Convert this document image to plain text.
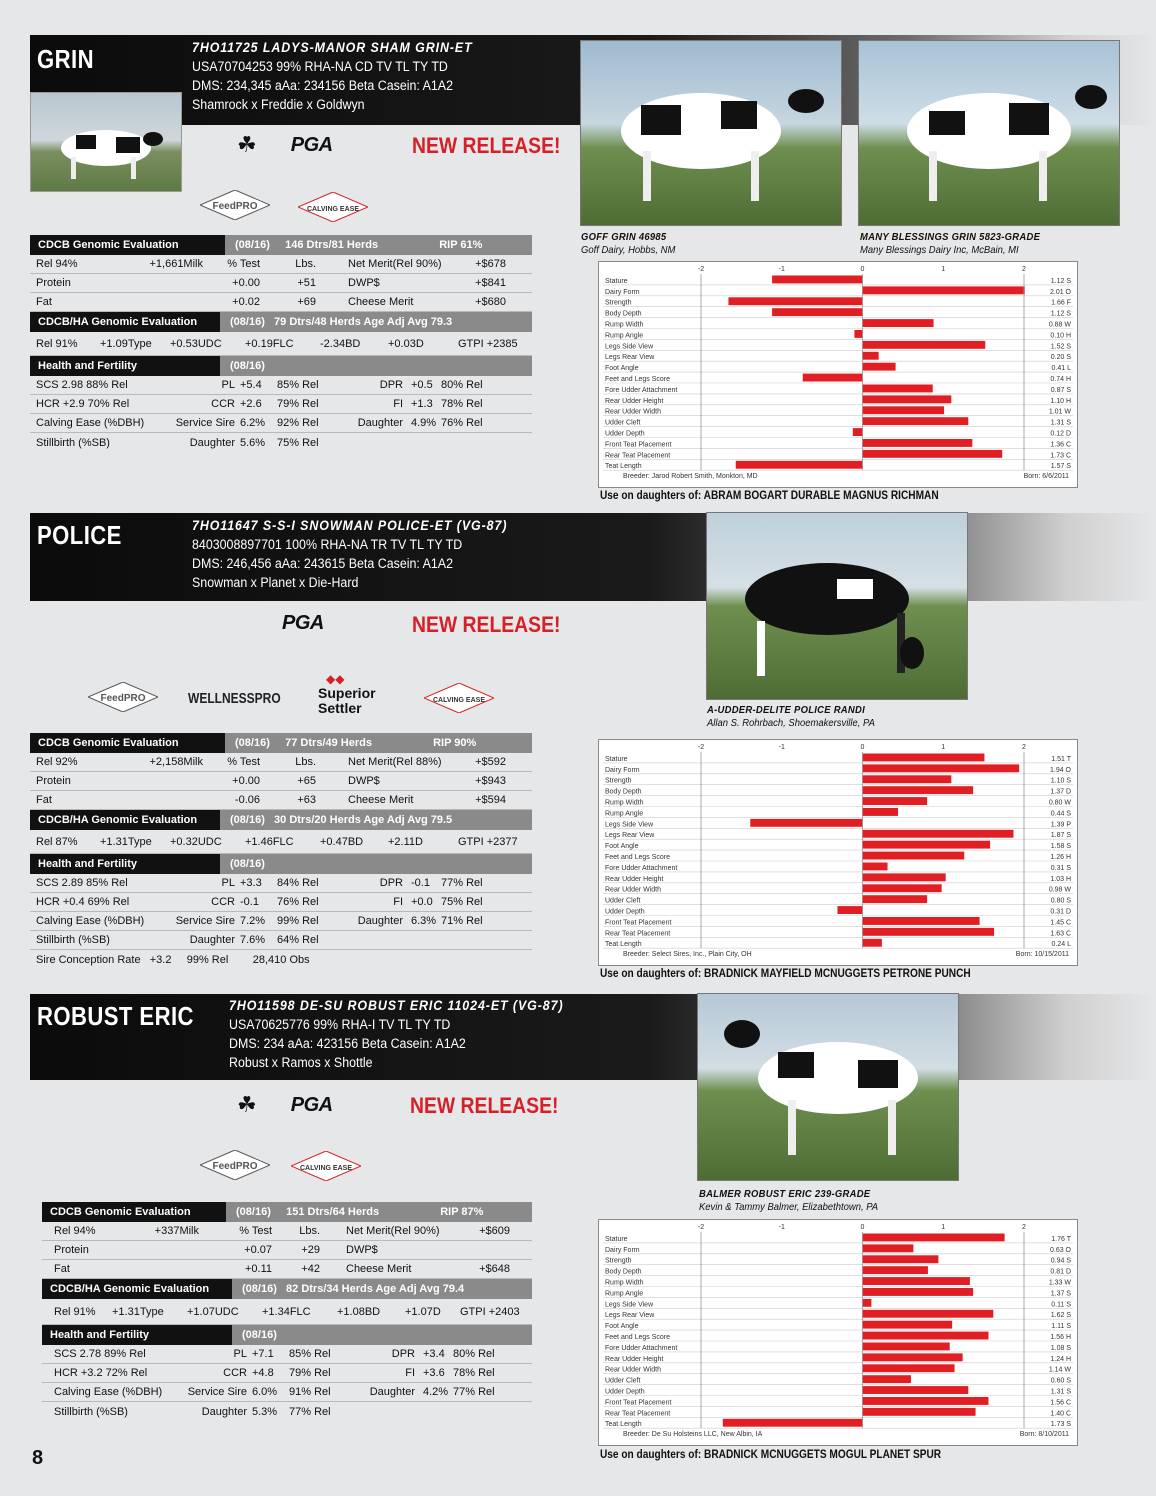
GRIN	7HO11725 LADYS-MANOR SHAM GRIN-ET
USA70704253 99% RHA-NA CD TV TL TY TD
DMS: 234,345 aAa: 234156 Beta Casein: A1A2
Shamrock x Freddie x Goldwyn
☘ PGA	NEW RELEASE!
FeedPRO	CALVING EASE
GOFF GRIN 46985
Goff Dairy, Hobbs, NM
MANY BLESSINGS GRIN 5823-GRADE
Many Blessings Dairy Inc, McBain, MI
CDCB Genomic Evaluation	(08/16)     146 Dtrs/81 Herds                    RIP 61%
Rel 94%	+1,661Milk	% Test	Lbs.	Net Merit(Rel 90%)	+$678
Protein	+0.00	+51	DWP$	+$841
Fat	+0.02	+69	Cheese Merit	+$680
CDCB/HA Genomic Evaluation	(08/16)   79 Dtrs/48 Herds Age Adj Avg 79.3
Rel 91%	+1.09Type	+0.53UDC	+0.19FLC	-2.34BD	+0.03D	GTPI +2385
Health and Fertility	(08/16)
SCS 2.98 88% Rel	PL +5.4	85% Rel	DPR +0.5 80% Rel
HCR +2.9 70% Rel	CCR +2.6	79% Rel	FI +1.3 78% Rel
Calving Ease (%DBH)	Service Sire 6.2%	92% Rel	Daughter 4.9% 76% Rel
Stillbirth (%SB)	Daughter 5.6%	75% Rel
Stature	1.12 S
Dairy Form	2.01 O
Strength	1.66 F
Body Depth	1.12 S
Rump Width	0.88 W
Rump Angle	0.10 H
Legs Side View	1.52 S
Legs Rear View	0.20 S
Foot Angle	0.41 L
Feet and Legs Score	0.74 H
Fore Udder Attachment	0.87 S
Rear Udder Height	1.10 H
Rear Udder Width	1.01 W
Udder Cleft	1.31 S
Udder Depth	0.12 D
Front Teat Placement	1.36 C
Rear Teat Placement	1.73 C
Teat Length	1.57 S
-2	-1	0	1	2
Breeder: Jarod Robert Smith, Monkton, MD	Born: 6/6/2011
Use on daughters of: ABRAM BOGART DURABLE MAGNUS RICHMAN
POLICE	7HO11647 S-S-I SNOWMAN POLICE-ET (VG-87)
8403008897701 100% RHA-NA TR TV TL TY TD
DMS: 246,456 aAa: 243615 Beta Casein: A1A2
Snowman x Planet x Die-Hard
PGA	NEW RELEASE!
FeedPRO	WELLNESSPRO
◆◆
Superior Settler	CALVING EASE
A-UDDER-DELITE POLICE RANDI
Allan S. Rohrbach, Shoemakersville, PA
CDCB Genomic Evaluation	(08/16)     77 Dtrs/49 Herds                    RIP 90%
Rel 92%	+2,158Milk	% Test	Lbs.	Net Merit(Rel 88%)	+$592
Protein	+0.00	+65	DWP$	+$943
Fat	-0.06	+63	Cheese Merit	+$594
CDCB/HA Genomic Evaluation	(08/16)   30 Dtrs/20 Herds Age Adj Avg 79.5
Rel 87%	+1.31Type	+0.32UDC	+1.46FLC	+0.47BD	+2.11D	GTPI +2377
Health and Fertility	(08/16)
SCS 2.89 85% Rel	PL +3.3	84% Rel	DPR -0.1	77% Rel
HCR +0.4 69% Rel	CCR -0.1	76% Rel	FI +0.0 75% Rel
Calving Ease (%DBH)	Service Sire 7.2%	99% Rel	Daughter 6.3% 71% Rel
Stillbirth (%SB)	Daughter 7.6%	64% Rel
Sire Conception Rate   +3.2     99% Rel        28,410 Obs
Stature	1.51 T
Dairy Form	1.94 O
Strength	1.10 S
Body Depth	1.37 D
Rump Width	0.80 W
Rump Angle	0.44 S
Legs Side View	1.39 P
Legs Rear View	1.87 S
Foot Angle	1.58 S
Feet and Legs Score	1.26 H
Fore Udder Attachment	0.31 S
Rear Udder Height	1.03 H
Rear Udder Width	0.98 W
Udder Cleft	0.80 S
Udder Depth	0.31 D
Front Teat Placement	1.45 C
Rear Teat Placement	1.63 C
Teat Length	0.24 L
-2	-1	0	1	2
Breeder: Select Sires, Inc., Plain City, OH	Born: 10/15/2011
Use on daughters of: BRADNICK MAYFIELD MCNUGGETS PETRONE PUNCH
ROBUST ERIC	7HO11598 DE-SU ROBUST ERIC 11024-ET (VG-87)
USA70625776 99% RHA-I TV TL TY TD
DMS: 234 aAa: 423156 Beta Casein: A1A2
Robust x Ramos x Shottle
☘ PGA	NEW RELEASE!
FeedPRO	CALVING EASE
BALMER ROBUST ERIC 239-GRADE
Kevin & Tammy Balmer, Elizabethtown, PA
CDCB Genomic Evaluation	(08/16)     151 Dtrs/64 Herds                    RIP 87%
Rel 94%	+337Milk	% Test	Lbs.	Net Merit(Rel 90%)	+$609
Protein	+0.07	+29	DWP$
Fat	+0.11	+42	Cheese Merit	+$648
CDCB/HA Genomic Evaluation	(08/16)   82 Dtrs/34 Herds Age Adj Avg 79.4
Rel 91%	+1.31Type	+1.07UDC	+1.34FLC	+1.08BD	+1.07D	GTPI +2403
Health and Fertility	(08/16)
SCS 2.78 89% Rel	PL +7.1	85% Rel	DPR +3.4 80% Rel
HCR +3.2 72% Rel	CCR +4.8	79% Rel	FI +3.6 78% Rel
Calving Ease (%DBH)	Service Sire 6.0%	91% Rel	Daughter 4.2% 77% Rel
Stillbirth (%SB)	Daughter 5.3%	77% Rel
Stature	1.76 T
Dairy Form	0.63 O
Strength	0.94 S
Body Depth	0.81 D
Rump Width	1.33 W
Rump Angle	1.37 S
Legs Side View	0.11 S
Legs Rear View	1.62 S
Foot Angle	1.11 S
Feet and Legs Score	1.56 H
Fore Udder Attachment	1.08 S
Rear Udder Height	1.24 H
Rear Udder Width	1.14 W
Udder Cleft	0.60 S
Udder Depth	1.31 S
Front Teat Placement	1.56 C
Rear Teat Placement	1.40 C
Teat Length	1.73 S
-2	-1	0	1	2
Breeder: De Su Holsteins LLC, New Albin, IA	Born: 8/10/2011
Use on daughters of: BRADNICK MCNUGGETS MOGUL PLANET SPUR
8
